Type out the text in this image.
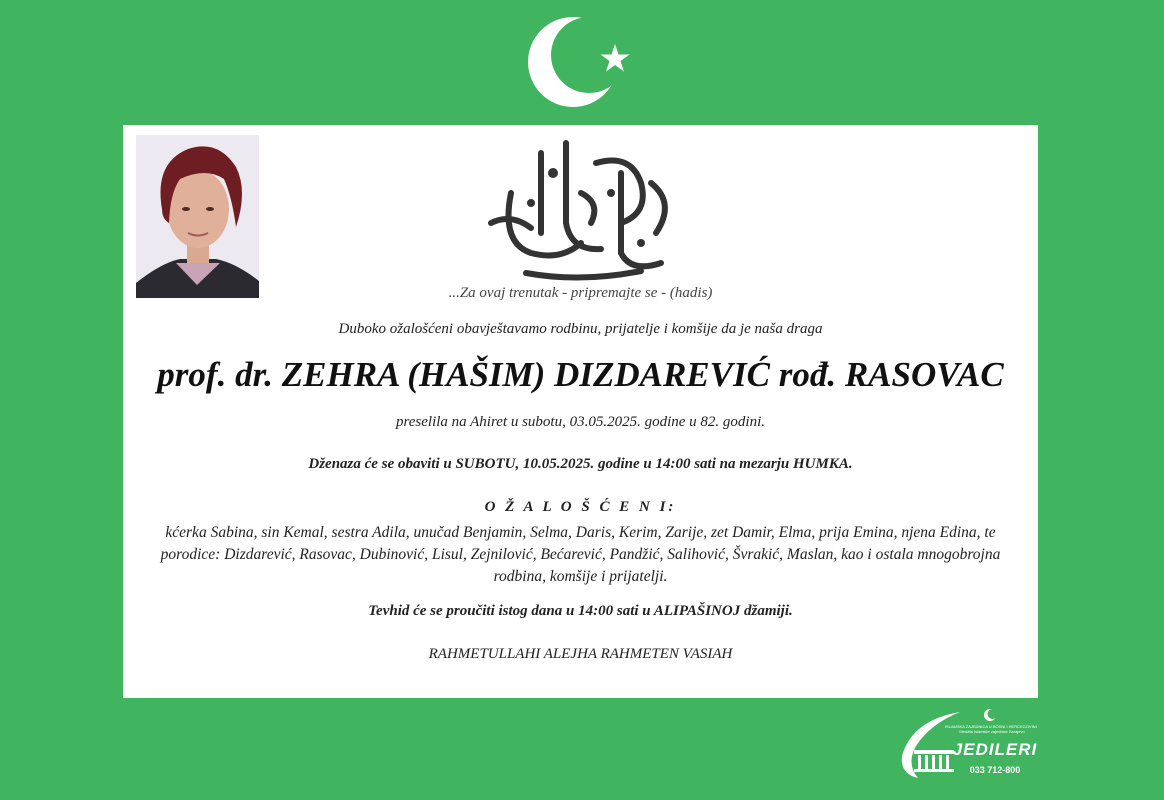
...Za ovaj trenutak - pripremajte se - (hadis)
Duboko ožalošćeni obavještavamo rodbinu, prijatelje i komšije da je naša draga
prof. dr. ZEHRA (HAŠIM) DIZDAREVIĆ rođ. RASOVAC
preselila na Ahiret u subotu, 03.05.2025. godine u 82. godini.
Dženaza će se obaviti u SUBOTU, 10.05.2025. godine u 14:00 sati na mezarju HUMKA.
O Ž A L O Š Ć E N I:
kćerka Sabina, sin Kemal, sestra Adila, unučad Benjamin, Selma, Daris, Kerim, Zarije, zet Damir, Elma, prija Emina, njena Edina, te porodice: Dizdarević, Rasovac, Dubinović, Lisul, Zejnilović, Bećarević, Pandžić, Salihović, Švrakić, Maslan, kao i ostala mnogobrojna rodbina, komšije i prijatelji.
Tevhid će se proučiti istog dana u 14:00 sati u ALIPAŠINOJ džamiji.
RAHMETULLAHI ALEJHA RAHMETEN VASIAH
ISLAMSKA ZAJEDNICA U BOSNI I HERCEGOVINI · Medžlis Islamske zajednice Sarajevo
JEDILERI
033 712-800
